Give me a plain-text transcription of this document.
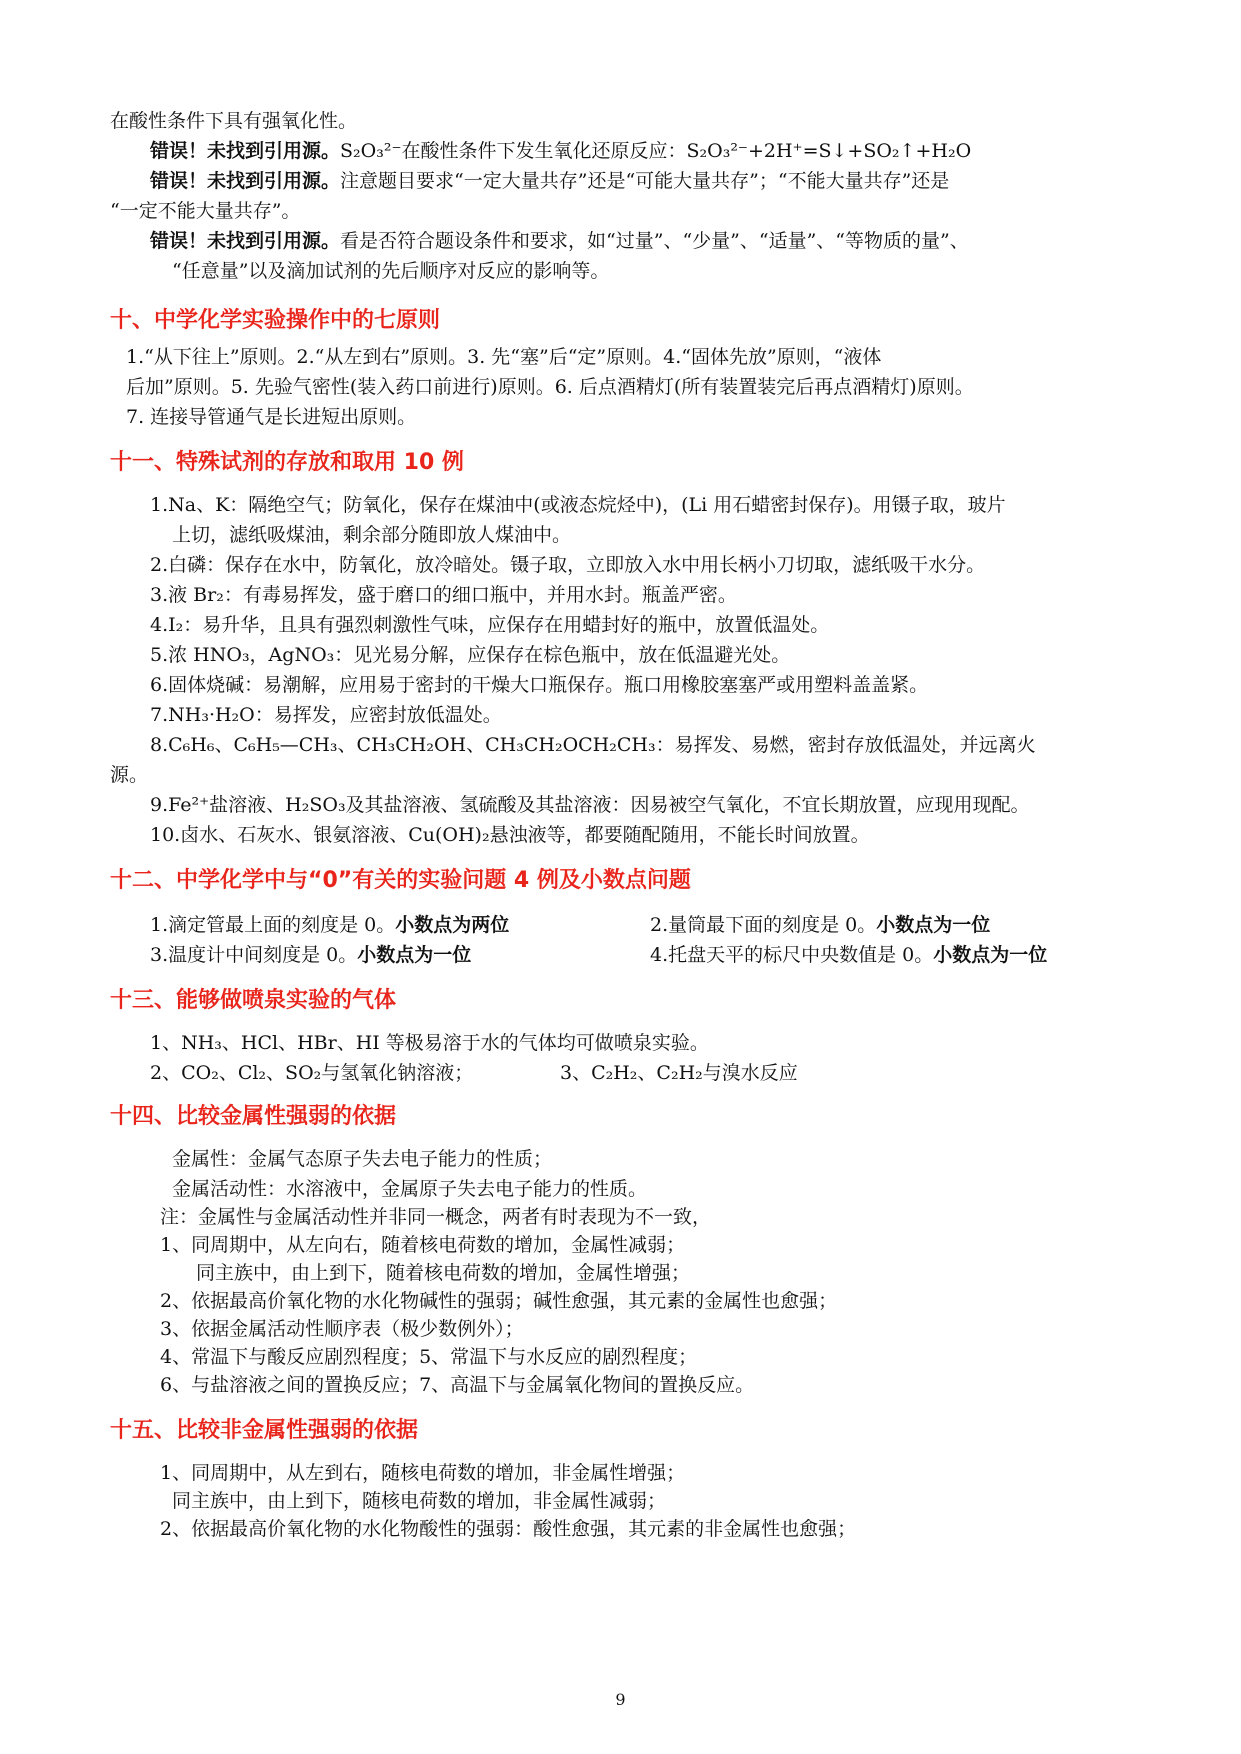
在酸性条件下具有强氧化性。
错误！未找到引用源。S₂O₃²⁻在酸性条件下发生氧化还原反应：S₂O₃²⁻+2H⁺=S↓+SO₂↑+H₂O
错误！未找到引用源。注意题目要求“一定大量共存”还是“可能大量共存”；“不能大量共存”还是
“一定不能大量共存”。
错误！未找到引用源。看是否符合题设条件和要求，如“过量”、“少量”、“适量”、“等物质的量”、
“任意量”以及滴加试剂的先后顺序对反应的影响等。
十、中学化学实验操作中的七原则
1.“从下往上”原则。2.“从左到右”原则。3. 先“塞”后“定”原则。4.“固体先放”原则，“液体
后加”原则。5. 先验气密性(装入药口前进行)原则。6. 后点酒精灯(所有装置装完后再点酒精灯)原则。
7. 连接导管通气是长进短出原则。
十一、特殊试剂的存放和取用 10 例
1.Na、K：隔绝空气；防氧化，保存在煤油中(或液态烷烃中)，(Li 用石蜡密封保存)。用镊子取，玻片
上切，滤纸吸煤油，剩余部分随即放人煤油中。
2.白磷：保存在水中，防氧化，放冷暗处。镊子取，立即放入水中用长柄小刀切取，滤纸吸干水分。
3.液 Br₂：有毒易挥发，盛于磨口的细口瓶中，并用水封。瓶盖严密。
4.I₂：易升华，且具有强烈刺激性气味，应保存在用蜡封好的瓶中，放置低温处。
5.浓 HNO₃，AgNO₃：见光易分解，应保存在棕色瓶中，放在低温避光处。
6.固体烧碱：易潮解，应用易于密封的干燥大口瓶保存。瓶口用橡胶塞塞严或用塑料盖盖紧。
7.NH₃·H₂O：易挥发，应密封放低温处。
8.C₆H₆、C₆H₅—CH₃、CH₃CH₂OH、CH₃CH₂OCH₂CH₃：易挥发、易燃，密封存放低温处，并远离火
源。
9.Fe²⁺盐溶液、H₂SO₃及其盐溶液、氢硫酸及其盐溶液：因易被空气氧化，不宜长期放置，应现用现配。
10.卤水、石灰水、银氨溶液、Cu(OH)₂悬浊液等，都要随配随用，不能长时间放置。
十二、中学化学中与“0”有关的实验问题 4 例及小数点问题
1.滴定管最上面的刻度是 0。小数点为两位	2.量筒最下面的刻度是 0。小数点为一位
3.温度计中间刻度是 0。小数点为一位	4.托盘天平的标尺中央数值是 0。小数点为一位
十三、能够做喷泉实验的气体
1、NH₃、HCl、HBr、HI 等极易溶于水的气体均可做喷泉实验。
2、CO₂、Cl₂、SO₂与氢氧化钠溶液；	3、C₂H₂、C₂H₂与溴水反应
十四、比较金属性强弱的依据
金属性：金属气态原子失去电子能力的性质；
金属活动性：水溶液中，金属原子失去电子能力的性质。
注：金属性与金属活动性并非同一概念，两者有时表现为不一致，
1、同周期中，从左向右，随着核电荷数的增加，金属性减弱；
同主族中，由上到下，随着核电荷数的增加，金属性增强；
2、依据最高价氧化物的水化物碱性的强弱；碱性愈强，其元素的金属性也愈强；
3、依据金属活动性顺序表（极少数例外）；
4、常温下与酸反应剧烈程度；5、常温下与水反应的剧烈程度；
6、与盐溶液之间的置换反应；7、高温下与金属氧化物间的置换反应。
十五、比较非金属性强弱的依据
1、同周期中，从左到右，随核电荷数的增加，非金属性增强；
同主族中，由上到下，随核电荷数的增加，非金属性减弱；
2、依据最高价氧化物的水化物酸性的强弱：酸性愈强，其元素的非金属性也愈强；
9
